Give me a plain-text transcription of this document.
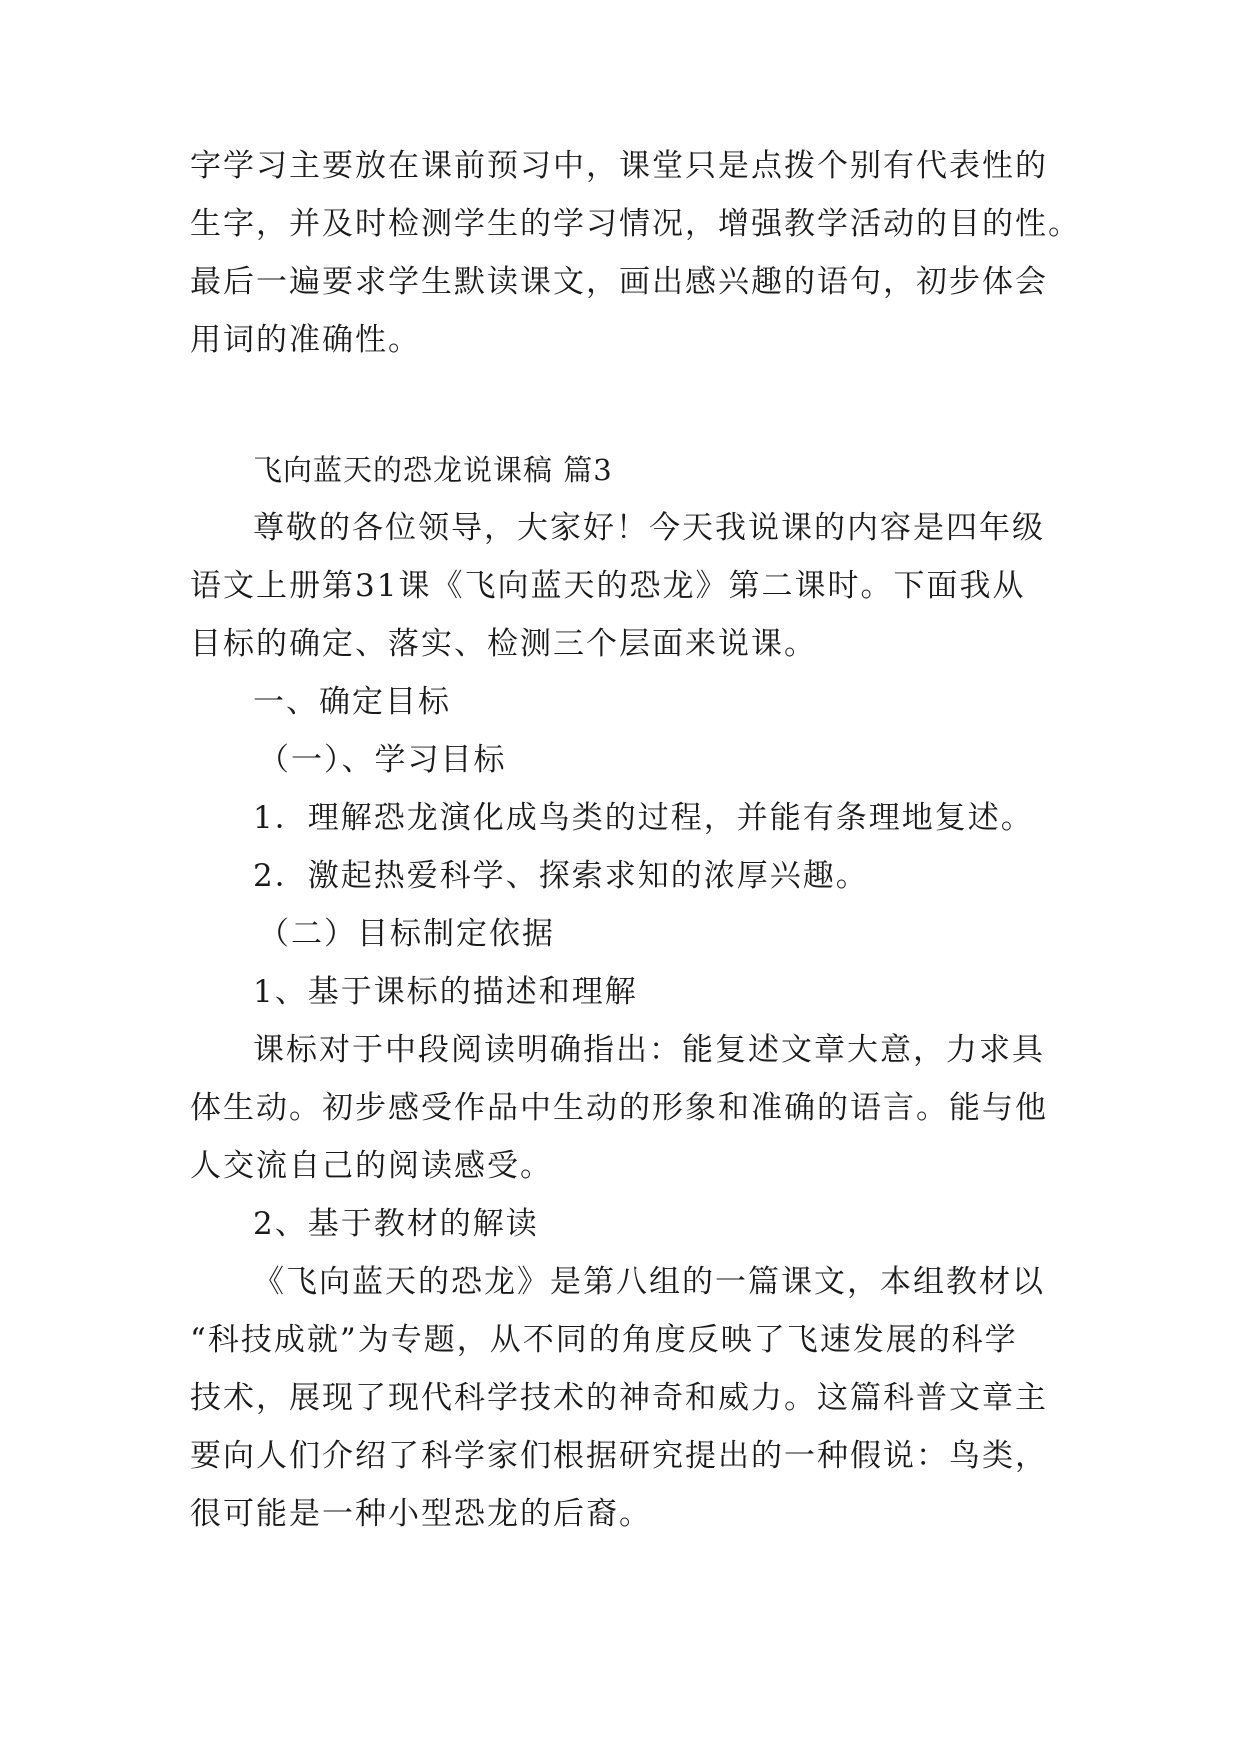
字学习主要放在课前预习中，课堂只是点拨个别有代表性的
生字，并及时检测学生的学习情况，增强教学活动的目的性。
最后一遍要求学生默读课文，画出感兴趣的语句，初步体会
用词的准确性。
飞向蓝天的恐龙说课稿 篇3
尊敬的各位领导，大家好！今天我说课的内容是四年级
语文上册第31课《飞向蓝天的恐龙》第二课时。下面我从
目标的确定、落实、检测三个层面来说课。
一、确定目标
（一）、学习目标
1．理解恐龙演化成鸟类的过程，并能有条理地复述。
2．激起热爱科学、探索求知的浓厚兴趣。
（二）目标制定依据
1、基于课标的描述和理解
课标对于中段阅读明确指出：能复述文章大意，力求具
体生动。初步感受作品中生动的形象和准确的语言。能与他
人交流自己的阅读感受。
2、基于教材的解读
《飞向蓝天的恐龙》是第八组的一篇课文，本组教材以
“科技成就”为专题，从不同的角度反映了飞速发展的科学
技术，展现了现代科学技术的神奇和威力。这篇科普文章主
要向人们介绍了科学家们根据研究提出的一种假说：鸟类，
很可能是一种小型恐龙的后裔。
